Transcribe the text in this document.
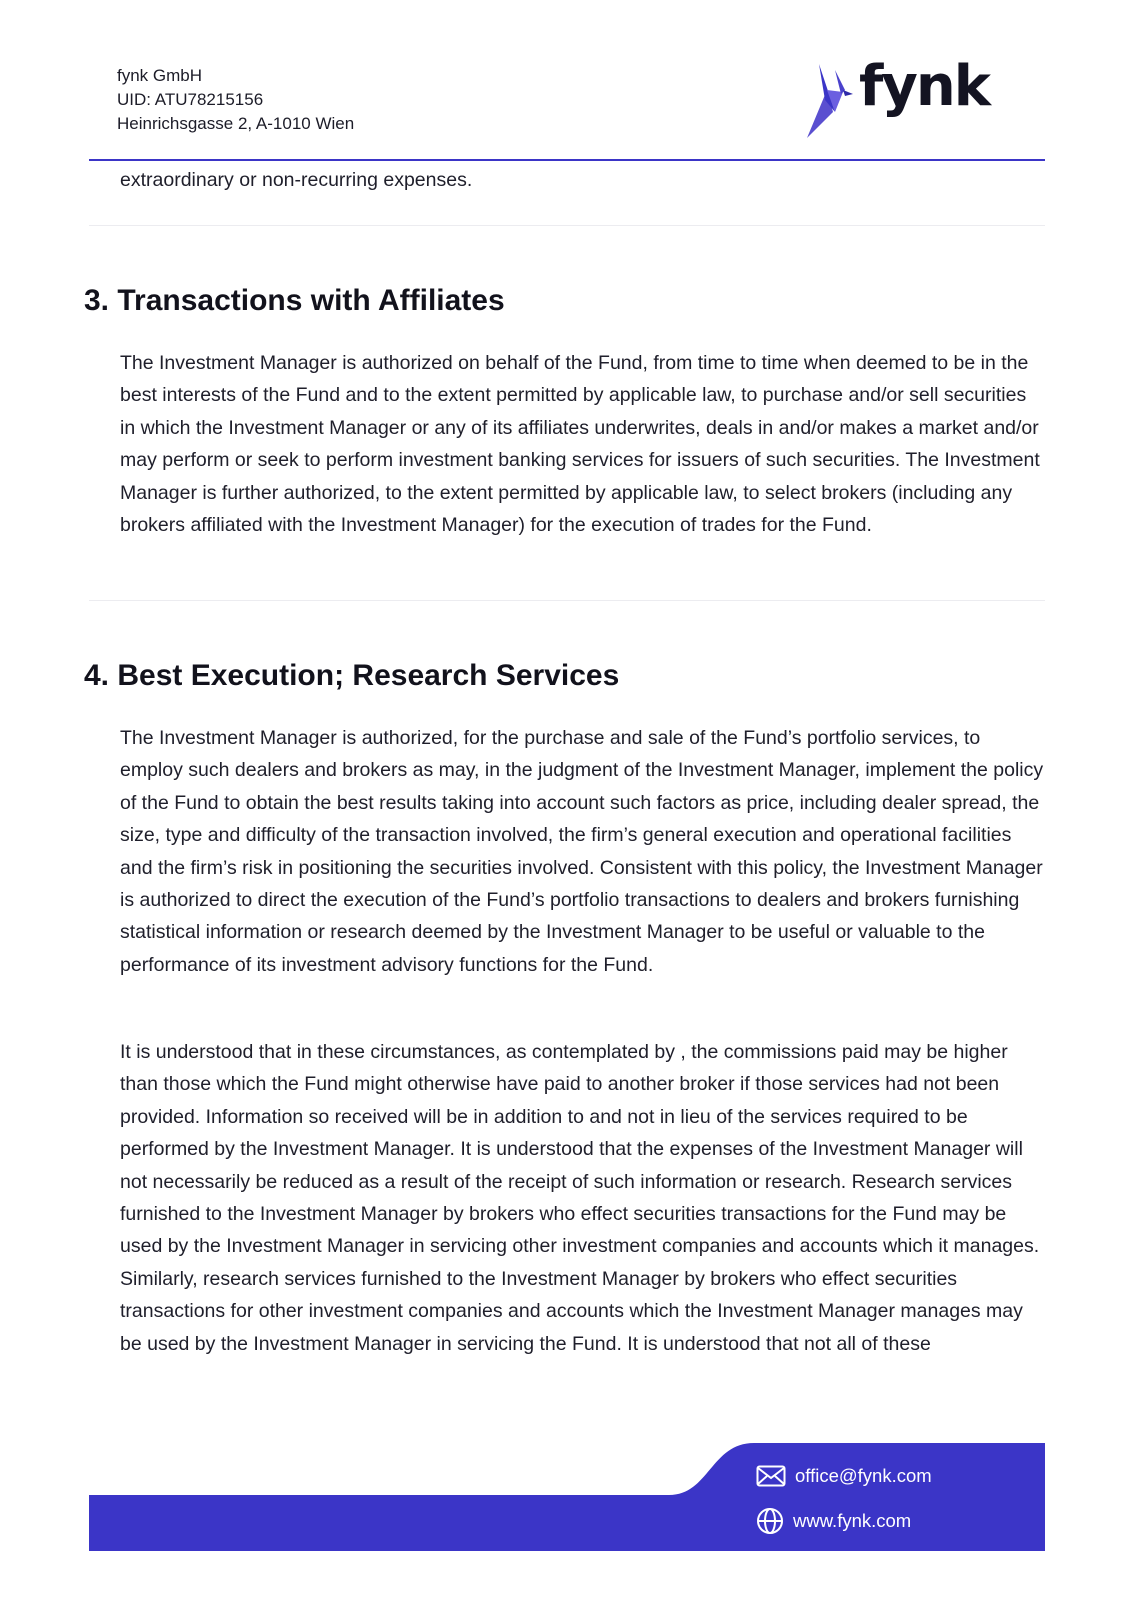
fynk GmbH
UID: ATU78215156
Heinrichsgasse 2, A-1010 Wien
fynk

extraordinary or non-recurring expenses.

3. Transactions with Affiliates

The Investment Manager is authorized on behalf of the Fund, from time to time when deemed to be in the best interests of the Fund and to the extent permitted by applicable law, to purchase and/or sell securities in which the Investment Manager or any of its affiliates underwrites, deals in and/or makes a market and/or may perform or seek to perform investment banking services for issuers of such securities. The Investment Manager is further authorized, to the extent permitted by applicable law, to select brokers (including any brokers affiliated with the Investment Manager) for the execution of trades for the Fund.

4. Best Execution; Research Services

The Investment Manager is authorized, for the purchase and sale of the Fund’s portfolio services, to employ such dealers and brokers as may, in the judgment of the Investment Manager, implement the policy of the Fund to obtain the best results taking into account such factors as price, including dealer spread, the size, type and difficulty of the transaction involved, the firm’s general execution and operational facilities and the firm’s risk in positioning the securities involved. Consistent with this policy, the Investment Manager is authorized to direct the execution of the Fund’s portfolio transactions to dealers and brokers furnishing statistical information or research deemed by the Investment Manager to be useful or valuable to the performance of its investment advisory functions for the Fund.

It is understood that in these circumstances, as contemplated by , the commissions paid may be higher than those which the Fund might otherwise have paid to another broker if those services had not been provided. Information so received will be in addition to and not in lieu of the services required to be performed by the Investment Manager. It is understood that the expenses of the Investment Manager will not necessarily be reduced as a result of the receipt of such information or research. Research services furnished to the Investment Manager by brokers who effect securities transactions for the Fund may be used by the Investment Manager in servicing other investment companies and accounts which it manages. Similarly, research services furnished to the Investment Manager by brokers who effect securities transactions for other investment companies and accounts which the Investment Manager manages may be used by the Investment Manager in servicing the Fund. It is understood that not all of these

office@fynk.com
www.fynk.com
